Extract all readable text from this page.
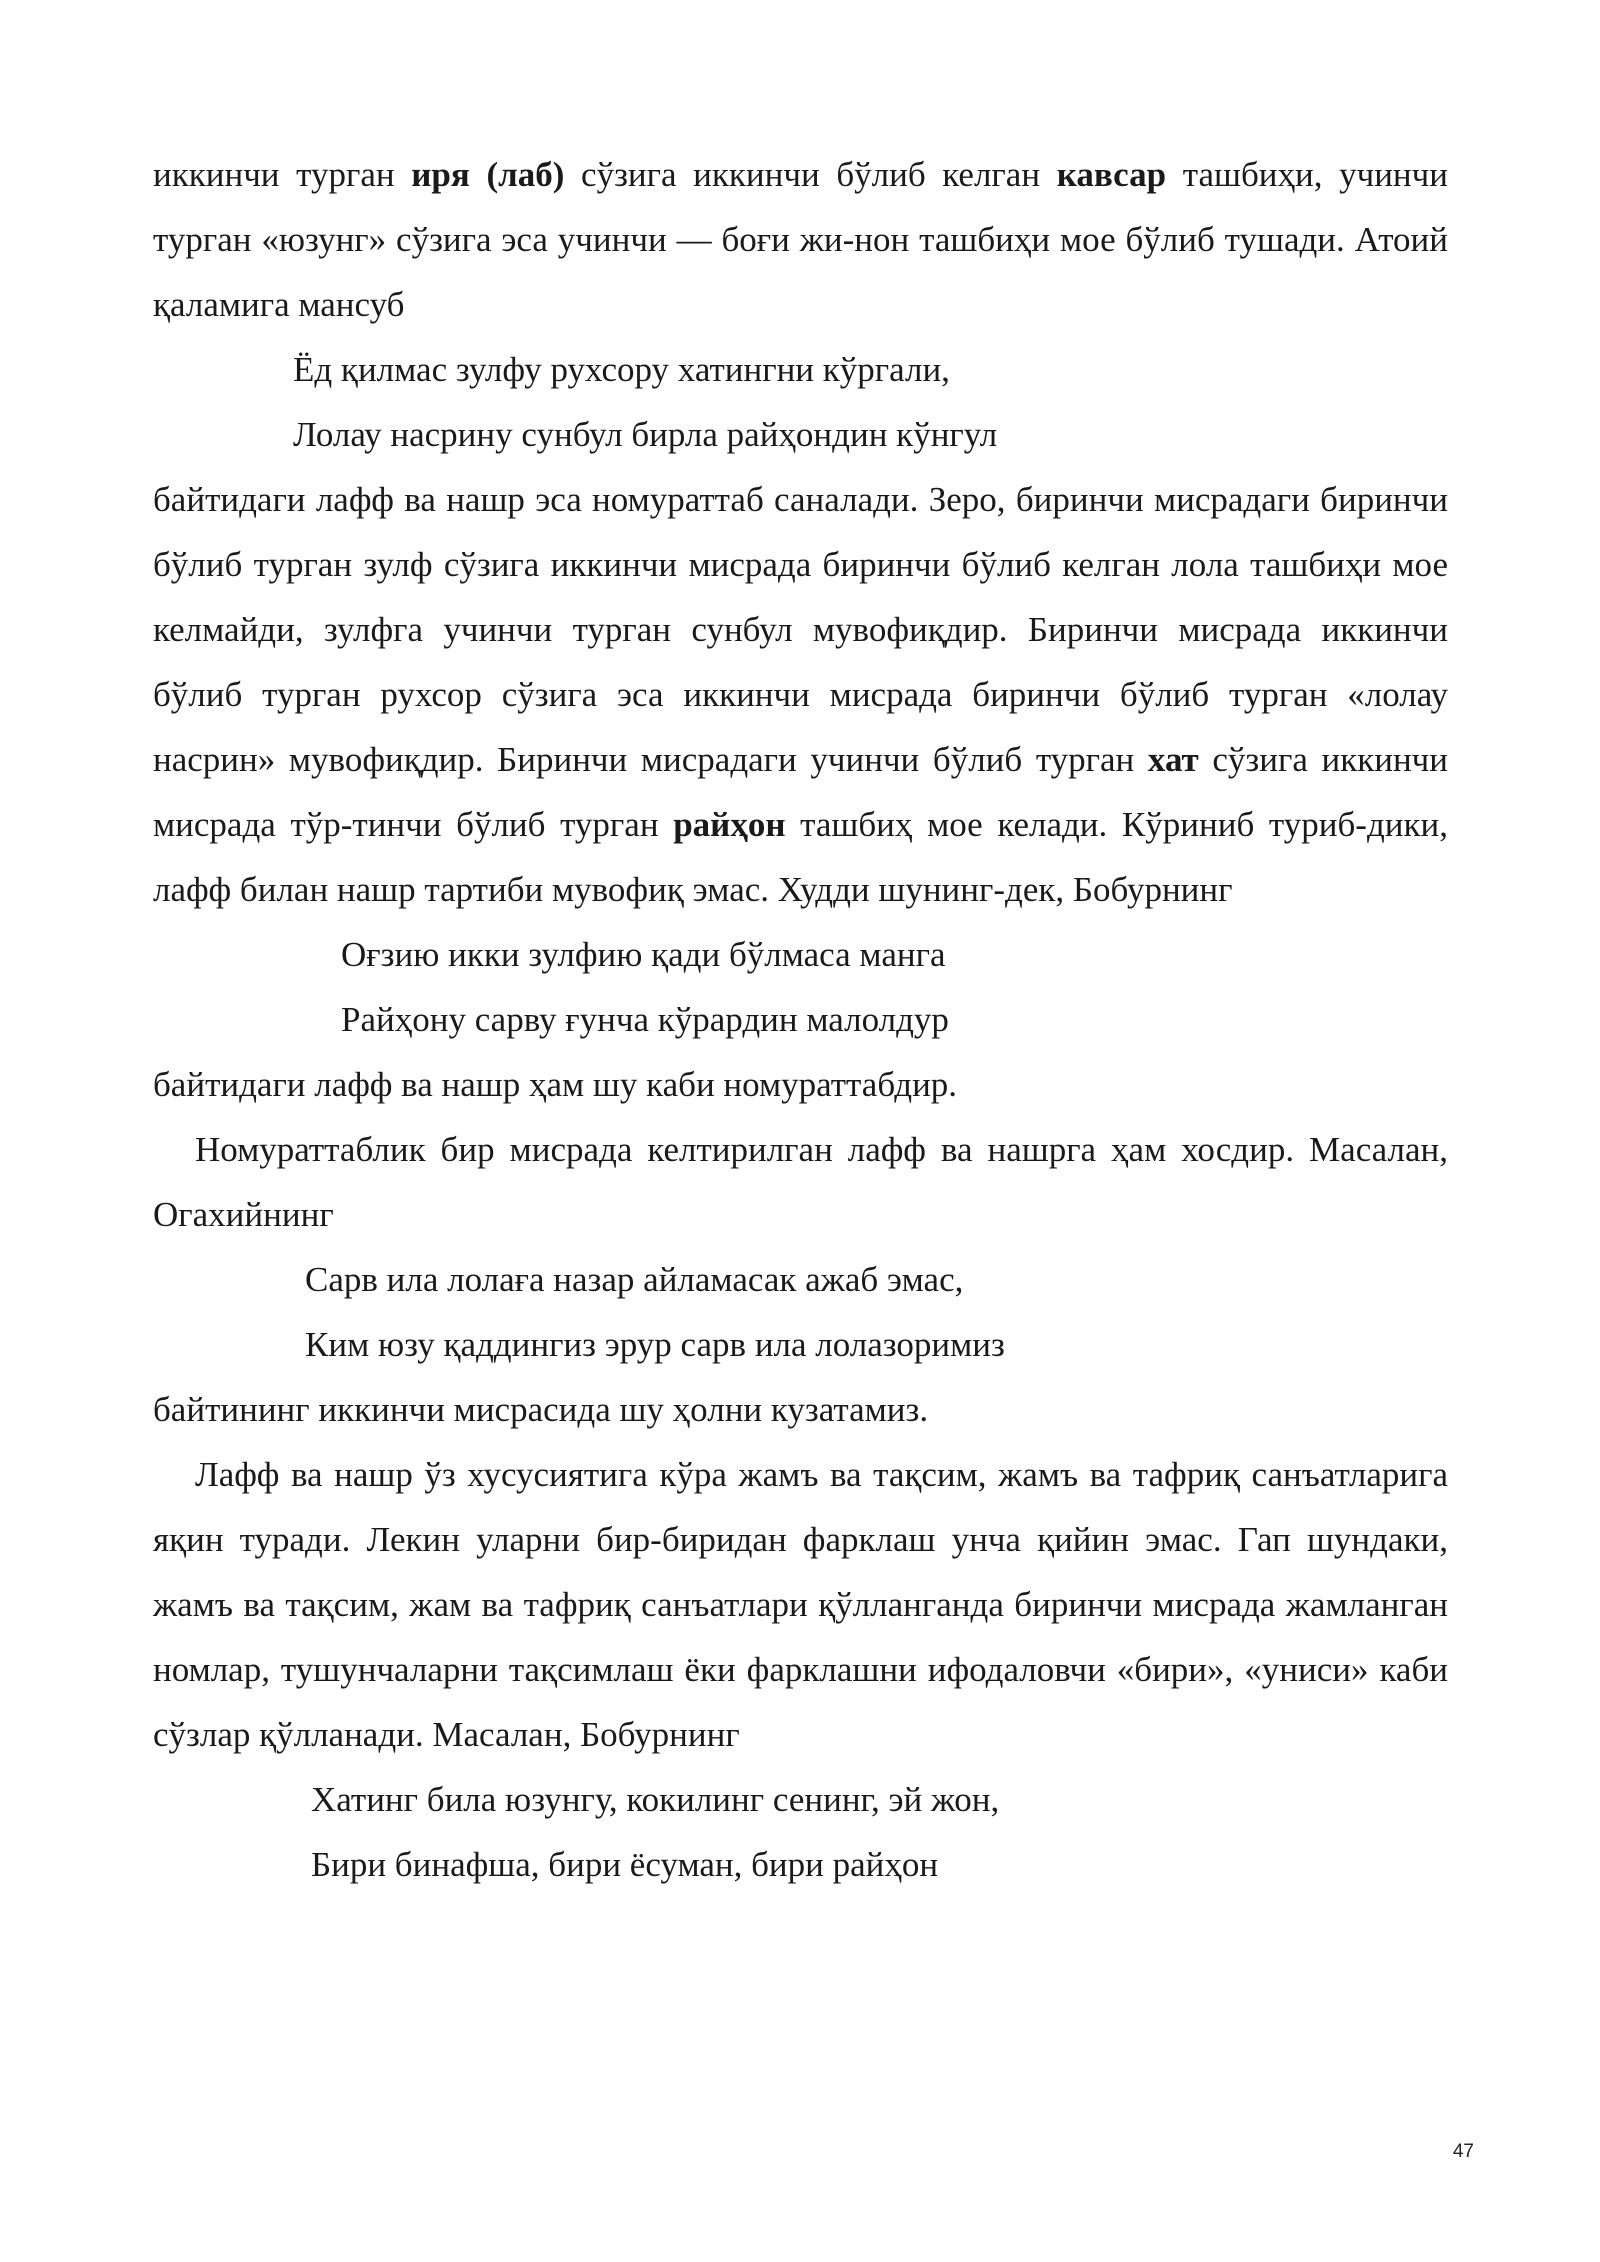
иккинчи турган иря (лаб) сўзига иккинчи бўлиб келган кавсар ташбиҳи, учинчи турган «юзунг» сўзига эса учинчи — боғи жи-нон ташбиҳи мое бўлиб тушади. Атоий қаламига мансуб

Ёд қилмас зулфу рухсору хатингни кўргали,

Лолау насрину сунбул бирла райҳондин кўнгул

байтидаги лафф ва нашр эса номураттаб саналади. Зеро, биринчи мисрадаги биринчи бўлиб турган зулф сўзига иккинчи мисрада биринчи бўлиб келган лола ташбиҳи мое келмайди, зулфга учинчи турган сунбул мувофиқдир. Биринчи мисрада иккинчи бўлиб турган рухсор сўзига эса иккинчи мисрада биринчи бўлиб турган «лолау насрин» мувофиқдир. Биринчи мисрадаги учинчи бўлиб турган хат сўзига иккинчи мисрада тўр-тинчи бўлиб турган райҳон ташбиҳ мое келади. Кўриниб туриб-дики, лафф билан нашр тартиби мувофиқ эмас. Худди шунинг-дек, Бобурнинг

Оғзию икки зулфию қади бўлмаса манга

Райҳону сарву ғунча кўрардин малолдур

байтидаги лафф ва нашр ҳам шу каби номураттабдир.

Номураттаблик бир мисрада келтирилган лафф ва нашрга ҳам хосдир. Масалан, Огахийнинг

Сарв ила лолаға назар айламасак ажаб эмас,

Ким юзу қаддингиз эрур сарв ила лолазоримиз

байтининг иккинчи мисрасида шу ҳолни кузатамиз.

Лафф ва нашр ўз хусусиятига кўра жамъ ва тақсим, жамъ ва тафриқ санъатларига яқин туради. Лекин уларни бир-биридан фарклаш унча қийин эмас. Гап шундаки, жамъ ва тақсим, жам ва тафриқ санъатлари қўлланганда биринчи мисрада жамланган номлар, тушунчаларни тақсимлаш ёки фарклашни ифодаловчи «бири», «униси» каби сўзлар қўлланади. Масалан, Бобурнинг

Хатинг била юзунгу, кокилинг сенинг, эй жон,

Бири бинафша, бири ёсуман, бири райҳон

47
